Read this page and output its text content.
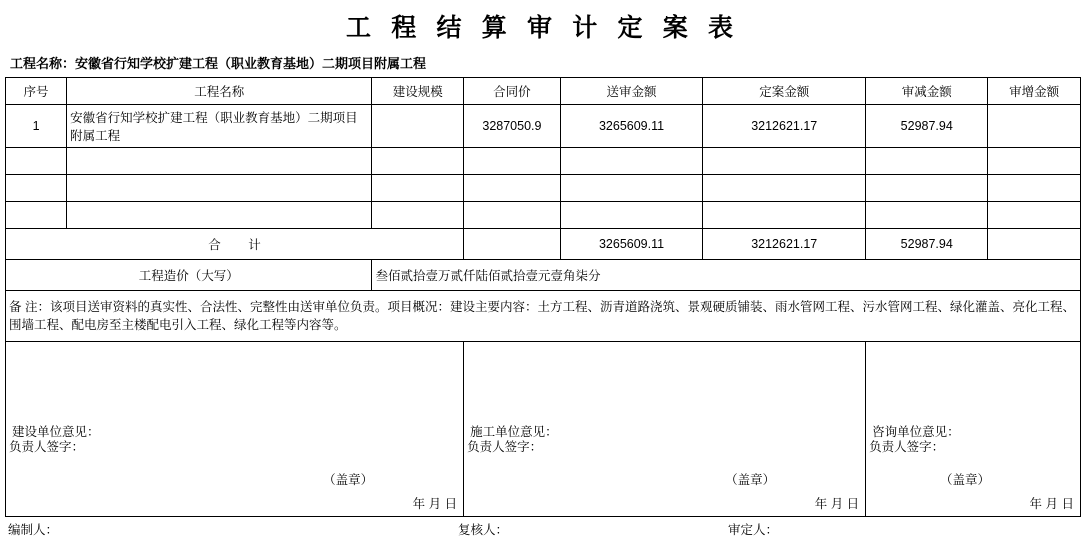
工 程 结 算 审 计 定 案 表
工程名称：安徽省行知学校扩建工程（职业教育基地）二期项目附属工程
序号	工程名称	建设规模	合同价	送审金额	定案金额	审减金额	审增金额
1	安徽省行知学校扩建工程（职业教育基地）二期项目附属工程		3287050.9	3265609.11	3212621.17	52987.94	

合 计				3265609.11	3212621.17	52987.94	
工程造价（大写）		叁佰贰拾壹万贰仟陆佰贰拾壹元壹角柒分					
备 注：该项目送审资料的真实性、合法性、完整性由送审单位负责。项目概况：建设主要内容：土方工程、沥青道路浇筑、景观硬质铺装、雨水管网工程、污水管网工程、绿化灌盖、亮化工程、围墙工程、配电房至主楼配电引入工程、绿化工程等内容等。							

建设单位意见：
负责人签字：
（盖章）
年 月 日

施工单位意见：
负责人签字：
（盖章）
年 月 日

咨询单位意见：
负责人签字：
（盖章）
年 月 日
编制人：	复核人：	审定人：
